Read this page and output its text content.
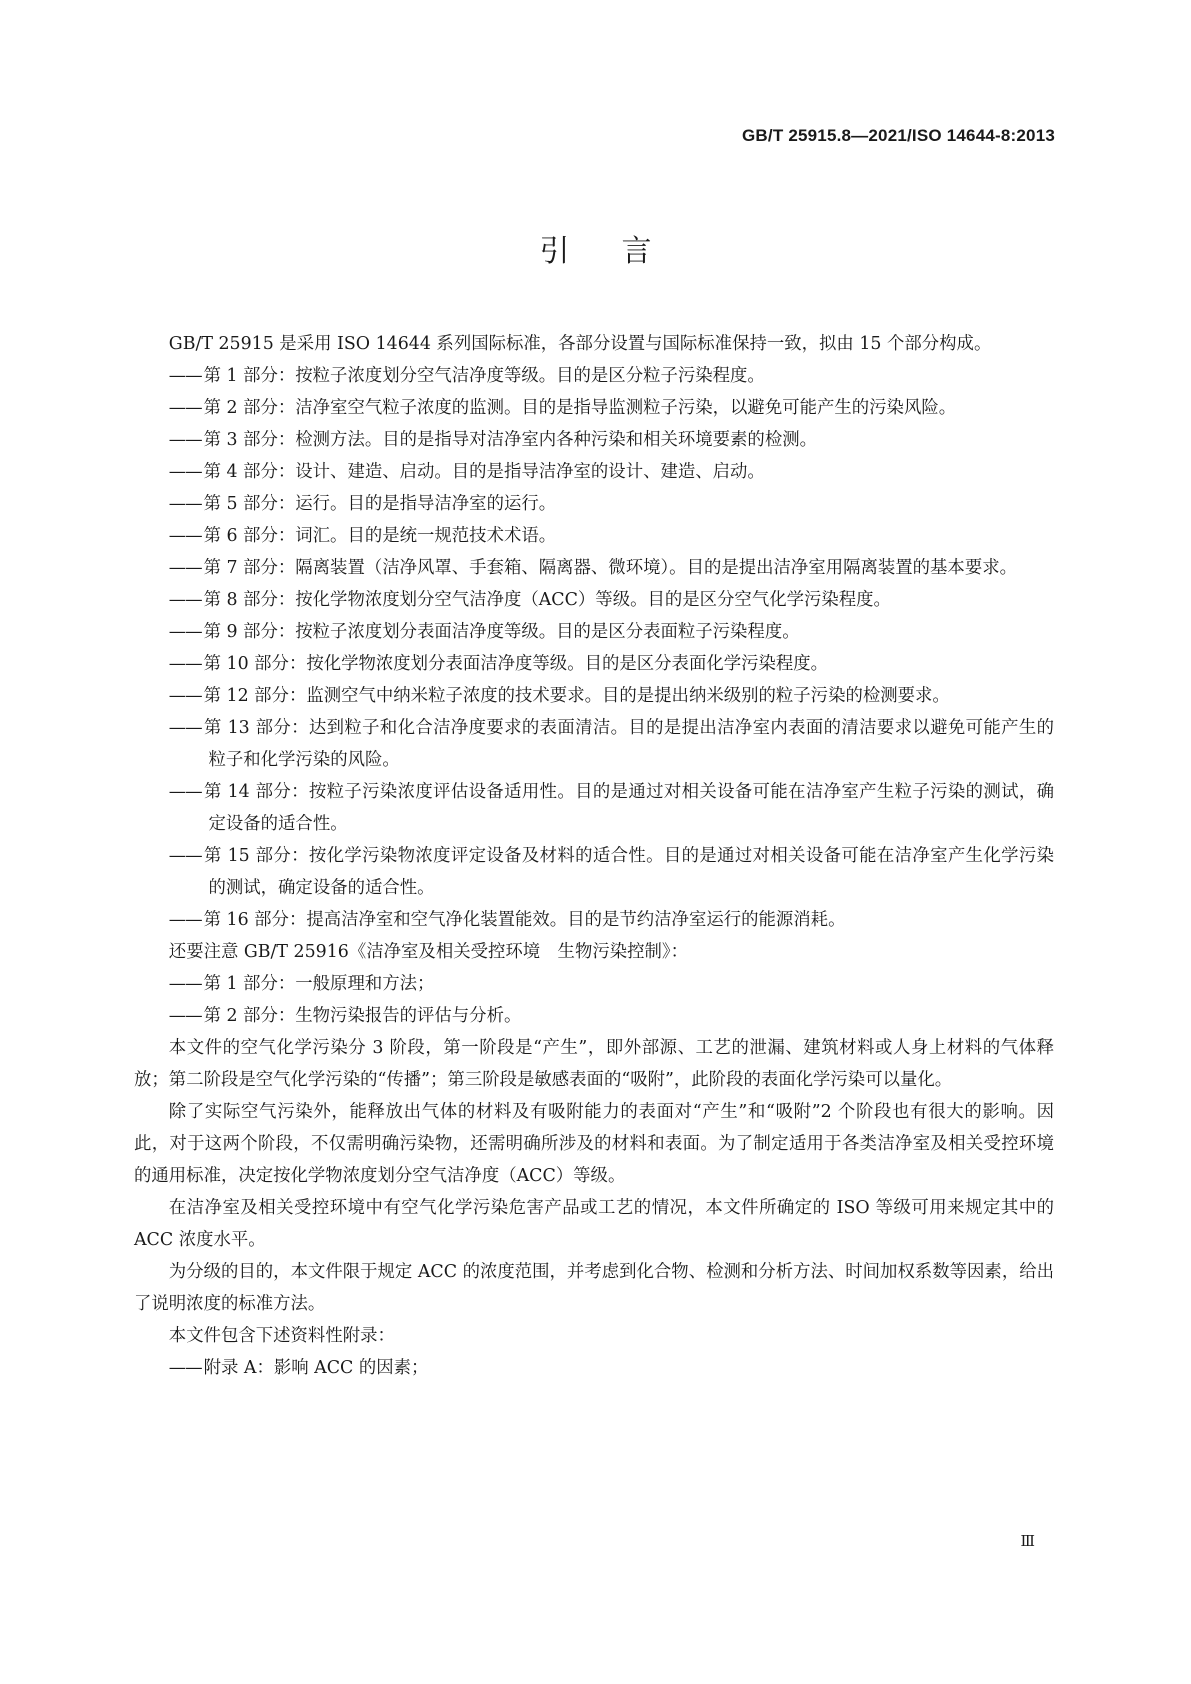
GB/T 25915.8—2021/ISO 14644-8:2013
引言

GB/T 25915 是采用 ISO 14644 系列国际标准，各部分设置与国际标准保持一致，拟由 15 个部分构成。

—— 第 1 部分：按粒子浓度划分空气洁净度等级。目的是区分粒子污染程度。
—— 第 2 部分：洁净室空气粒子浓度的监测。目的是指导监测粒子污染，以避免可能产生的污染风险。
—— 第 3 部分：检测方法。目的是指导对洁净室内各种污染和相关环境要素的检测。
—— 第 4 部分：设计、建造、启动。目的是指导洁净室的设计、建造、启动。
—— 第 5 部分：运行。目的是指导洁净室的运行。
—— 第 6 部分：词汇。目的是统一规范技术术语。
—— 第 7 部分：隔离装置（洁净风罩、手套箱、隔离器、微环境）。目的是提出洁净室用隔离装置的基本要求。
—— 第 8 部分：按化学物浓度划分空气洁净度（ACC）等级。目的是区分空气化学污染程度。
—— 第 9 部分：按粒子浓度划分表面洁净度等级。目的是区分表面粒子污染程度。
—— 第 10 部分：按化学物浓度划分表面洁净度等级。目的是区分表面化学污染程度。
—— 第 12 部分：监测空气中纳米粒子浓度的技术要求。目的是提出纳米级别的粒子污染的检测要求。
—— 第 13 部分：达到粒子和化合洁净度要求的表面清洁。目的是提出洁净室内表面的清洁要求以避免可能产生的粒子和化学污染的风险。
—— 第 14 部分：按粒子污染浓度评估设备适用性。目的是通过对相关设备可能在洁净室产生粒子污染的测试，确定设备的适合性。
—— 第 15 部分：按化学污染物浓度评定设备及材料的适合性。目的是通过对相关设备可能在洁净室产生化学污染的测试，确定设备的适合性。
—— 第 16 部分：提高洁净室和空气净化装置能效。目的是节约洁净室运行的能源消耗。

还要注意 GB/T 25916《洁净室及相关受控环境　生物污染控制》：

—— 第 1 部分：一般原理和方法；
—— 第 2 部分：生物污染报告的评估与分析。

本文件的空气化学污染分 3 阶段，第一阶段是“产生”，即外部源、工艺的泄漏、建筑材料或人身上材料的气体释放；第二阶段是空气化学污染的“传播”；第三阶段是敏感表面的“吸附”，此阶段的表面化学污染可以量化。

除了实际空气污染外，能释放出气体的材料及有吸附能力的表面对“产生”和“吸附”2 个阶段也有很大的影响。因此，对于这两个阶段，不仅需明确污染物，还需明确所涉及的材料和表面。为了制定适用于各类洁净室及相关受控环境的通用标准，决定按化学物浓度划分空气洁净度（ACC）等级。

在洁净室及相关受控环境中有空气化学污染危害产品或工艺的情况，本文件所确定的 ISO 等级可用来规定其中的 ACC 浓度水平。

为分级的目的，本文件限于规定 ACC 的浓度范围，并考虑到化合物、检测和分析方法、时间加权系数等因素，给出了说明浓度的标准方法。

本文件包含下述资料性附录：

—— 附录 A：影响 ACC 的因素；
Ⅲ
